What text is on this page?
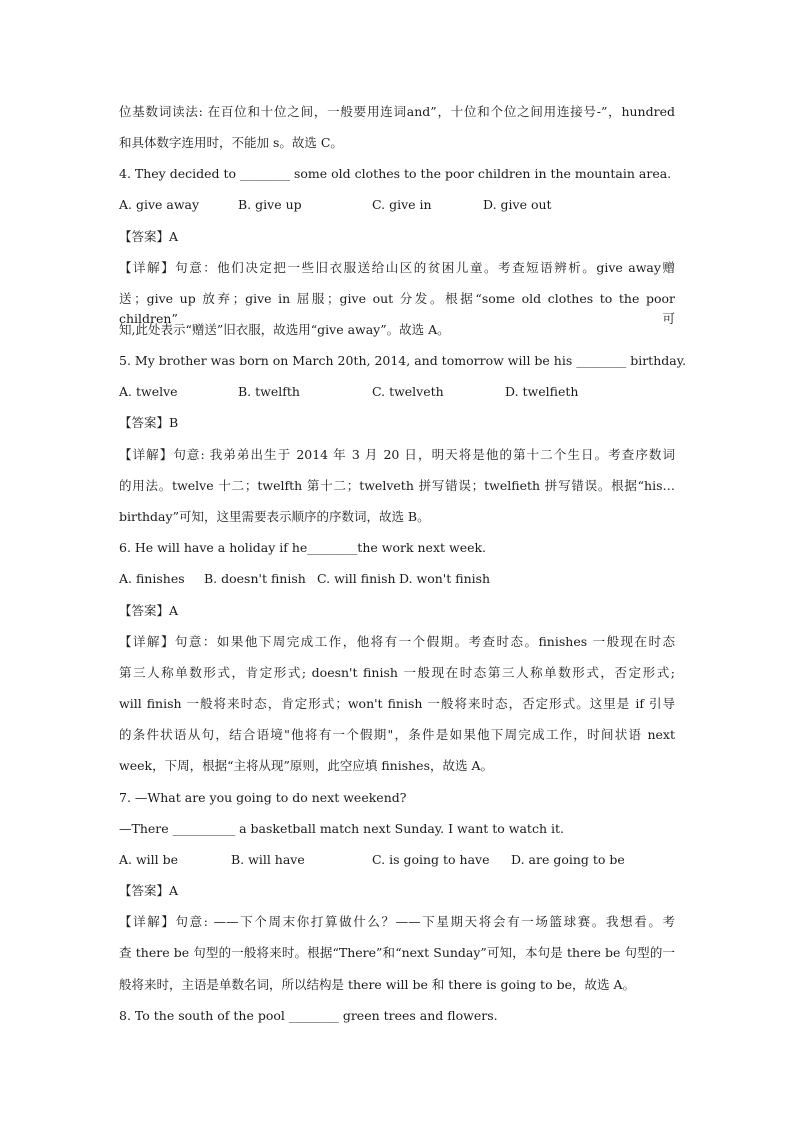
位基数词读法: 在百位和十位之间，一般要用连词and”，十位和个位之间用连接号-”，hundred
和具体数字连用时，不能加 s。故选 C。
4. They decided to ________ some old clothes to the poor children in the mountain area.
A. give away	B. give up	C. give in	D. give out
【答案】A
【详解】句意：他们决定把一些旧衣服送给山区的贫困儿童。考查短语辨析。give away赠
送；give up 放弃；give in 屈服；give out 分发。根据“some old clothes to the poor children”可
知,此处表示“赠送”旧衣服，故选用“give away”。故选 A。
5. My brother was born on March 20th, 2014, and tomorrow will be his ________ birthday.
A. twelve	B. twelfth	C. twelveth	D. twelfieth
【答案】B
【详解】句意: 我弟弟出生于 2014 年 3 月 20 日，明天将是他的第十二个生日。考查序数词
的用法。twelve 十二；twelfth 第十二；twelveth 拼写错误；twelfieth 拼写错误。根据“his…
birthday”可知，这里需要表示顺序的序数词，故选 B。
6. He will have a holiday if he________the work next week.
A. finishes B. doesn't finish C. will finish D. won't finish
【答案】A
【详解】句意：如果他下周完成工作，他将有一个假期。考查时态。finishes 一般现在时态
第三人称单数形式，肯定形式; doesn't finish 一般现在时态第三人称单数形式，否定形式;
will finish 一般将来时态，肯定形式；won't finish 一般将来时态，否定形式。这里是 if 引导
的条件状语从句，结合语境"他将有一个假期"，条件是如果他下周完成工作，时间状语 next
week，下周，根据“主将从现”原则，此空应填 finishes，故选 A。
7. —What are you going to do next weekend?
—There __________ a basketball match next Sunday. I want to watch it.
A. will be	B. will have	C. is going to have D. are going to be
【答案】A
【详解】句意: ——下个周末你打算做什么？——下星期天将会有一场篮球赛。我想看。考
查 there be 句型的一般将来时。根据“There”和“next Sunday”可知，本句是 there be 句型的一
般将来时，主语是单数名词，所以结构是 there will be 和 there is going to be，故选 A。
8. To the south of the pool ________ green trees and flowers.
